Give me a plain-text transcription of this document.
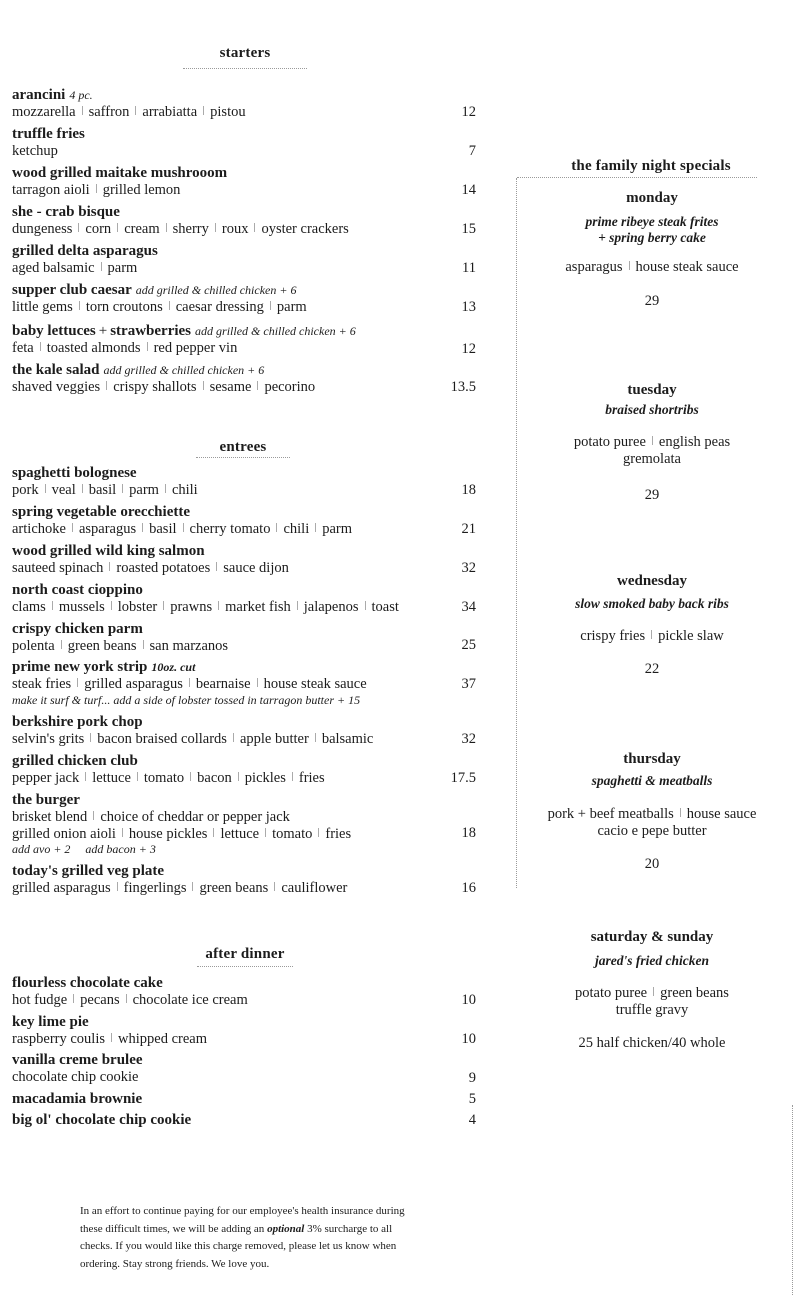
starters
arancini 4 pc.
mozzarella saffron arrabiatta pistou	12
truffle fries
ketchup	7
wood grilled maitake mushrooom
tarragon aioli grilled lemon	14
she - crab bisque
dungeness corn cream sherry roux oyster crackers	15
grilled delta asparagus
aged balsamic parm	11
supper club caesar add grilled & chilled chicken + 6
little gems torn croutons caesar dressing parm	13
baby lettuces + strawberries add grilled & chilled chicken + 6
feta toasted almonds red pepper vin	12
the kale salad add grilled & chilled chicken + 6
shaved veggies crispy shallots sesame pecorino	13.5
entrees
spaghetti bolognese
pork veal basil parm chili	18
spring vegetable orecchiette
artichoke asparagus basil cherry tomato chili parm	21
wood grilled wild king salmon
sauteed spinach roasted potatoes sauce dijon	32
north coast cioppino
clams mussels lobster prawns market fish jalapenos toast	34
crispy chicken parm
polenta green beans san marzanos	25
prime new york strip 10oz. cut
steak fries grilled asparagus bearnaise house steak sauce
make it surf & turf... add a side of lobster tossed in tarragon butter + 15
37
berkshire pork chop
selvin's grits bacon braised collards apple butter balsamic	32
grilled chicken club
pepper jack lettuce tomato bacon pickles fries	17.5
the burger
brisket blend choice of cheddar or pepper jack
grilled onion aioli house pickles lettuce tomato fries
add avo + 2     add bacon + 3
18
today's grilled veg plate
grilled asparagus fingerlings green beans cauliflower	16
after dinner
flourless chocolate cake
hot fudge pecans chocolate ice cream	10
key lime pie
raspberry coulis whipped cream	10
vanilla creme brulee
chocolate chip cookie	9
macadamia brownie	5
big ol' chocolate chip cookie	4
the family night specials
monday
prime ribeye steak frites
+ spring berry cake
asparagus house steak sauce
29
tuesday
braised shortribs
potato puree english peas
gremolata
29
wednesday
slow smoked baby back ribs
crispy fries pickle slaw
22
thursday
spaghetti & meatballs
pork + beef meatballs house sauce
cacio e pepe butter
20
saturday & sunday
jared's fried chicken
potato puree green beans
truffle gravy
25 half chicken/40 whole
In an effort to continue paying for our employee's health insurance during these difficult times, we will be adding an optional 3% surcharge to all checks. If you would like this charge removed, please let us know when ordering. Stay strong friends. We love you.
